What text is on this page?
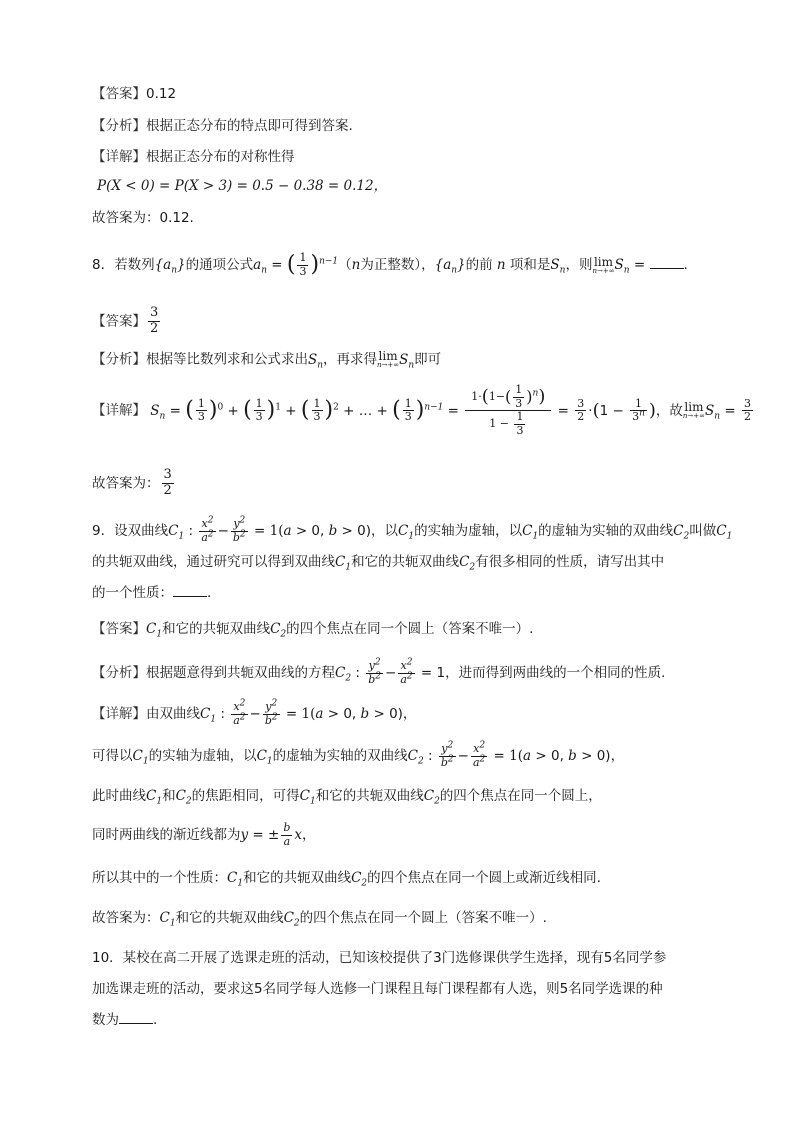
【答案】0.12
【分析】根据正态分布的特点即可得到答案.
【详解】根据正态分布的对称性得
P(X < 0) = P(X > 3) = 0.5 − 0.38 = 0.12，
故答案为：0.12.
8．若数列$\{a_n\}$的通项公式$a_n$ = ( $\frac{1}{3} )^{n-1}(n$为正整数），$\{a_n\}$的前 n 项和是$S_n$，则 lim
n→+∞ $S_n$ =	.
【答案】 $\frac{3}{2}$
【分析】根据等比数列求和公式求出$S_n$，再求得 lim
n→+∞ $S_n$即可
【详解】 $S_n$ = ( $\frac{1}{3} )^0$ + ( $\frac{1}{3} )^1$ + ( $\frac{1}{3} )^2$ + … + ( $\frac{1}{3} )^{n-1} = \frac{1\cdot(1-( \frac{1}{3} )^n)}{1 - \frac{1}{3}} = \frac{3}{2} \cdot(1 - \frac{1}{3^n}$ )，故 lim
n→+∞ $S_n = \frac{3}{2}$
故答案为： $\frac{3}{2}$
9．设双曲线$C_1$ : $\frac{x^2}{a^2} - \frac{y^2}{b^2} = 1(a > 0$, b > 0)，以$C_1$的实轴为虚轴，以$C_1$的虚轴为实轴的双曲线$C_2$叫做$C_1$
的共轭双曲线，通过研究可以得到双曲线$C_1$和它的共轭双曲线$C_2$有很多相同的性质，请写出其中
的一个性质：	.
【答案】$C_1$和它的共轭双曲线$C_2$的四个焦点在同一个圆上（答案不唯一）.
【分析】根据题意得到共轭双曲线的方程$C_2$ : $\frac{y^2}{b^2} - \frac{x^2}{a^2} = 1$，进而得到两曲线的一个相同的性质.
【详解】由双曲线$C_1$ : $\frac{x^2}{a^2} - \frac{y^2}{b^2} = 1(a > 0$, b > 0)，
可得以$C_1$的实轴为虚轴，以$C_1$的虚轴为实轴的双曲线$C_2$ : $\frac{y^2}{b^2} - \frac{x^2}{a^2} = 1(a > 0$, b > 0)，
此时曲线$C_1$和$C_2$的焦距相同，可得$C_1$和它的共轭双曲线$C_2$的四个焦点在同一个圆上，
同时两曲线的渐近线都为y = ± $\frac{b}{a}$ x，
所以其中的一个性质：$C_1$和它的共轭双曲线$C_2$的四个焦点在同一个圆上或渐近线相同.
故答案为：$C_1$和它的共轭双曲线$C_2$的四个焦点在同一个圆上（答案不唯一）.
10．某校在高二开展了选课走班的活动，已知该校提供了3门选修课供学生选择，现有5名同学参
加选课走班的活动，要求这5名同学每人选修一门课程且每门课程都有人选，则5名同学选课的种
数为	.
